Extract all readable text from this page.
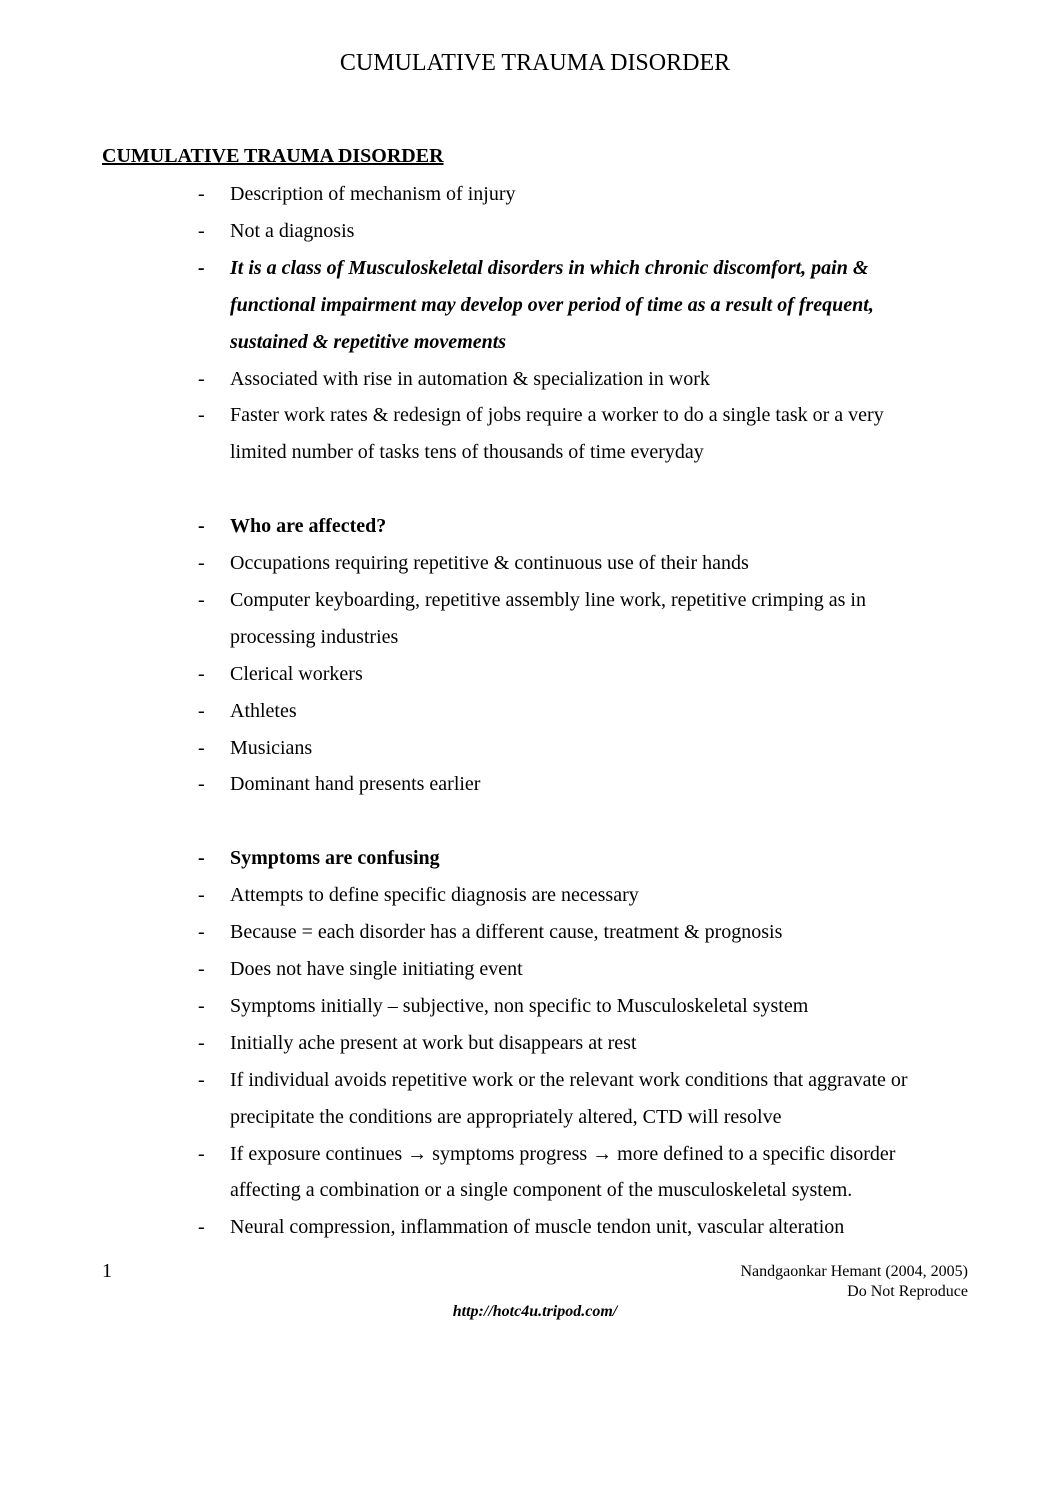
CUMULATIVE TRAUMA DISORDER
CUMULATIVE TRAUMA DISORDER
- Description of mechanism of injury
- Not a diagnosis
- It is a class of Musculoskeletal disorders in which chronic discomfort, pain &
functional impairment may develop over period of time as a result of frequent,
sustained & repetitive movements
- Associated with rise in automation & specialization in work
- Faster work rates & redesign of jobs require a worker to do a single task or a very
limited number of tasks tens of thousands of time everyday
- Who are affected?
- Occupations requiring repetitive & continuous use of their hands
- Computer keyboarding, repetitive assembly line work, repetitive crimping as in
processing industries
- Clerical workers
- Athletes
- Musicians
- Dominant hand presents earlier
- Symptoms are confusing
- Attempts to define specific diagnosis are necessary
- Because = each disorder has a different cause, treatment & prognosis
- Does not have single initiating event
- Symptoms initially – subjective, non specific to Musculoskeletal system
- Initially ache present at work but disappears at rest
- If individual avoids repetitive work or the relevant work conditions that aggravate or
precipitate the conditions are appropriately altered, CTD will resolve
- If exposure continues → symptoms progress → more defined to a specific disorder
affecting a combination or a single component of the musculoskeletal system.
- Neural compression, inflammation of muscle tendon unit, vascular alteration
1	Nandgaonkar Hemant (2004, 2005)
Do Not Reproduce
http://hotc4u.tripod.com/
